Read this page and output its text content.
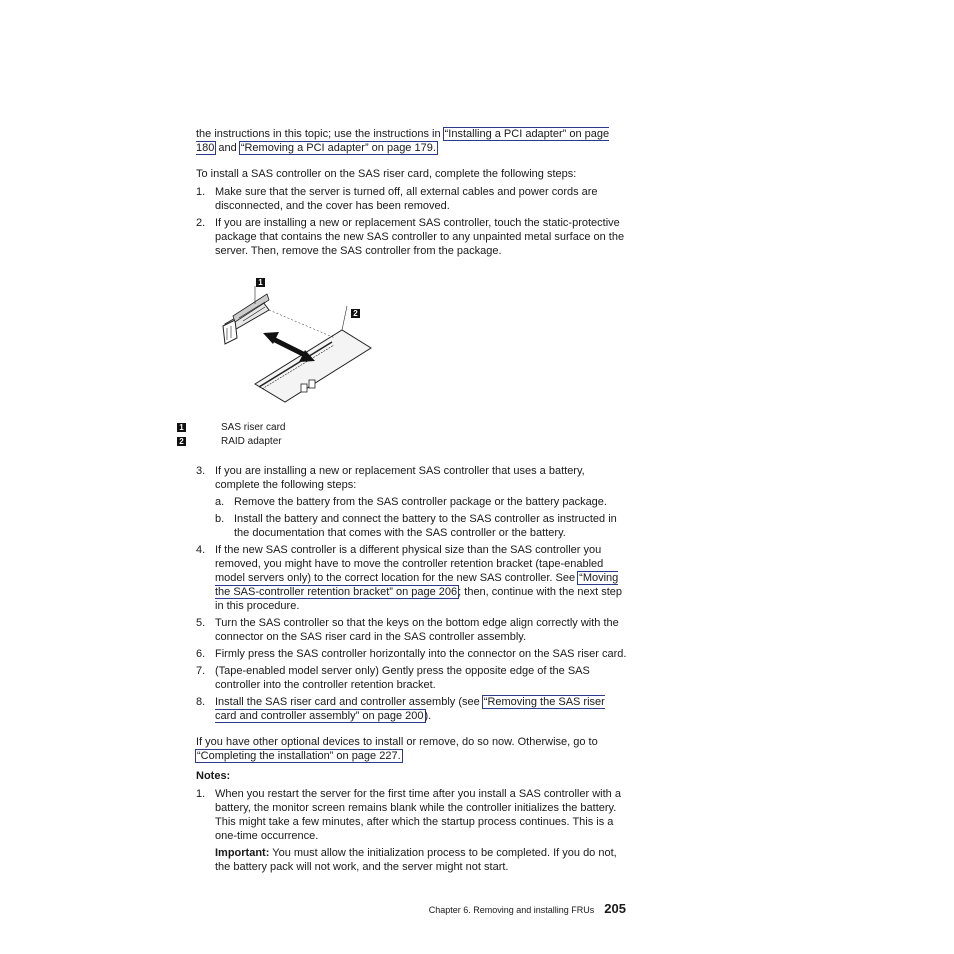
the instructions in this topic; use the instructions in “Installing a PCI adapter” on page 180 and “Removing a PCI adapter” on page 179.

To install a SAS controller on the SAS riser card, complete the following steps:

1. Make sure that the server is turned off, all external cables and power cords are disconnected, and the cover has been removed.
2. If you are installing a new or replacement SAS controller, touch the static-protective package that contains the new SAS controller to any unpainted metal surface on the server. Then, remove the SAS controller from the package.
1
2
1	SAS riser card
2	RAID adapter
3. If you are installing a new or replacement SAS controller that uses a battery, complete the following steps:
a. Remove the battery from the SAS controller package or the battery package.
b. Install the battery and connect the battery to the SAS controller as instructed in the documentation that comes with the SAS controller or the battery.
4. If the new SAS controller is a different physical size than the SAS controller you removed, you might have to move the controller retention bracket (tape-enabled model servers only) to the correct location for the new SAS controller. See “Moving the SAS-controller retention bracket” on page 206; then, continue with the next step in this procedure.
5. Turn the SAS controller so that the keys on the bottom edge align correctly with the connector on the SAS riser card in the SAS controller assembly.
6. Firmly press the SAS controller horizontally into the connector on the SAS riser card.
7. (Tape-enabled model server only) Gently press the opposite edge of the SAS controller into the controller retention bracket.
8. Install the SAS riser card and controller assembly (see “Removing the SAS riser card and controller assembly” on page 200).

If you have other optional devices to install or remove, do so now. Otherwise, go to “Completing the installation” on page 227.

Notes:

1. When you restart the server for the first time after you install a SAS controller with a battery, the monitor screen remains blank while the controller initializes the battery. This might take a few minutes, after which the startup process continues. This is a one-time occurrence.

Important: You must allow the initialization process to be completed. If you do not, the battery pack will not work, and the server might not start.

Chapter 6. Removing and installing FRUs 205
